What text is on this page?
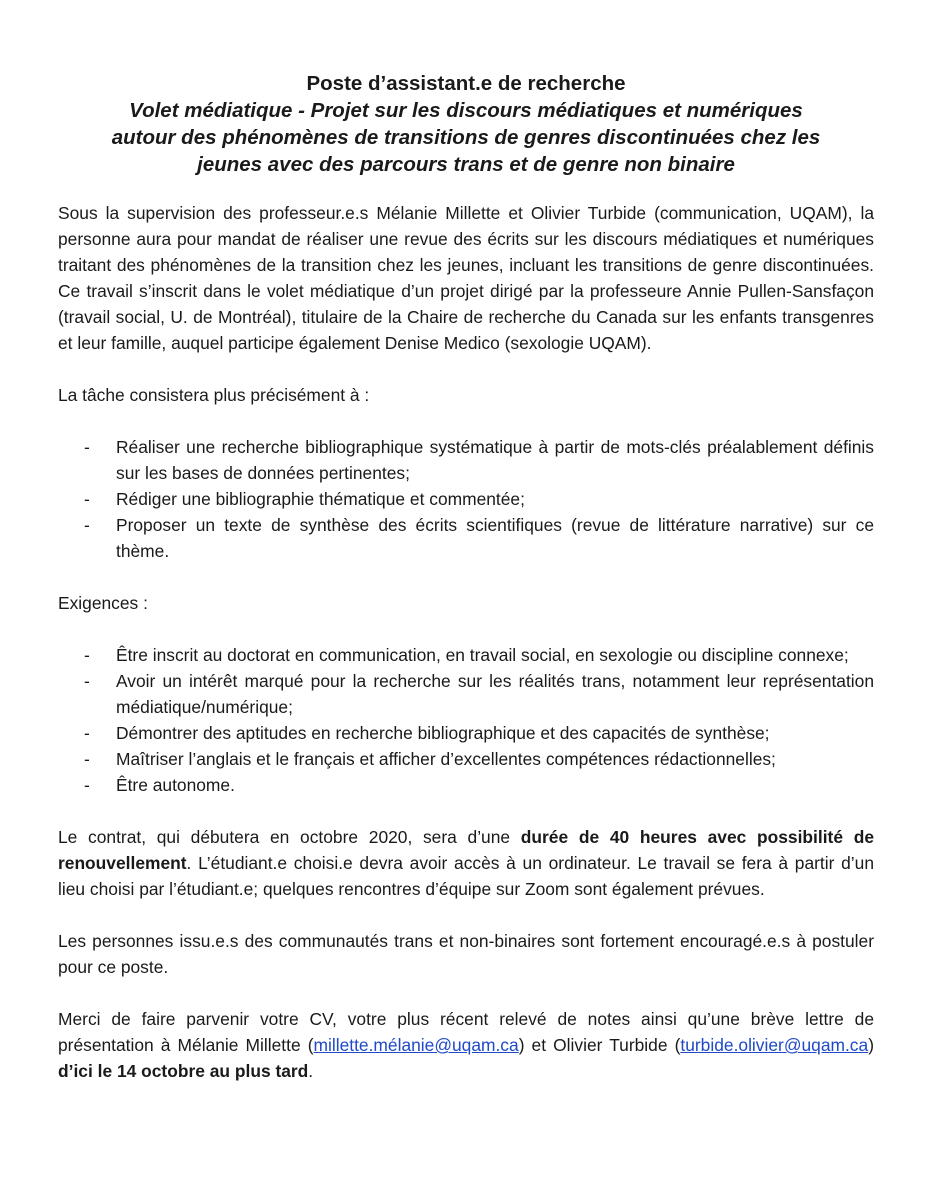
Poste d’assistant.e de recherche
Volet médiatique - Projet sur les discours médiatiques et numériques
autour des phénomènes de transitions de genres discontinuées chez les
jeunes avec des parcours trans et de genre non binaire

Sous la supervision des professeur.e.s Mélanie Millette et Olivier Turbide (communication, UQAM), la personne aura pour mandat de réaliser une revue des écrits sur les discours médiatiques et numériques traitant des phénomènes de la transition chez les jeunes, incluant les transitions de genre discontinuées. Ce travail s’inscrit dans le volet médiatique d’un projet dirigé par la professeure Annie Pullen-Sansfaçon (travail social, U. de Montréal), titulaire de la Chaire de recherche du Canada sur les enfants transgenres et leur famille, auquel participe également Denise Medico (sexologie UQAM).

La tâche consistera plus précisément à :

- Réaliser une recherche bibliographique systématique à partir de mots-clés préalablement définis sur les bases de données pertinentes;
- Rédiger une bibliographie thématique et commentée;
- Proposer un texte de synthèse des écrits scientifiques (revue de littérature narrative) sur ce thème.

Exigences :

- Être inscrit au doctorat en communication, en travail social, en sexologie ou discipline connexe;
- Avoir un intérêt marqué pour la recherche sur les réalités trans, notamment leur représentation médiatique/numérique;
- Démontrer des aptitudes en recherche bibliographique et des capacités de synthèse;
- Maîtriser l’anglais et le français et afficher d’excellentes compétences rédactionnelles;
- Être autonome.

Le contrat, qui débutera en octobre 2020, sera d’une durée de 40 heures avec possibilité de renouvellement. L’étudiant.e choisi.e devra avoir accès à un ordinateur. Le travail se fera à partir d’un lieu choisi par l’étudiant.e; quelques rencontres d’équipe sur Zoom sont également prévues.

Les personnes issu.e.s des communautés trans et non-binaires sont fortement encouragé.e.s à postuler pour ce poste.

Merci de faire parvenir votre CV, votre plus récent relevé de notes ainsi qu’une brève lettre de présentation à Mélanie Millette (millette.mélanie@uqam.ca) et Olivier Turbide (turbide.olivier@uqam.ca) d’ici le 14 octobre au plus tard.
